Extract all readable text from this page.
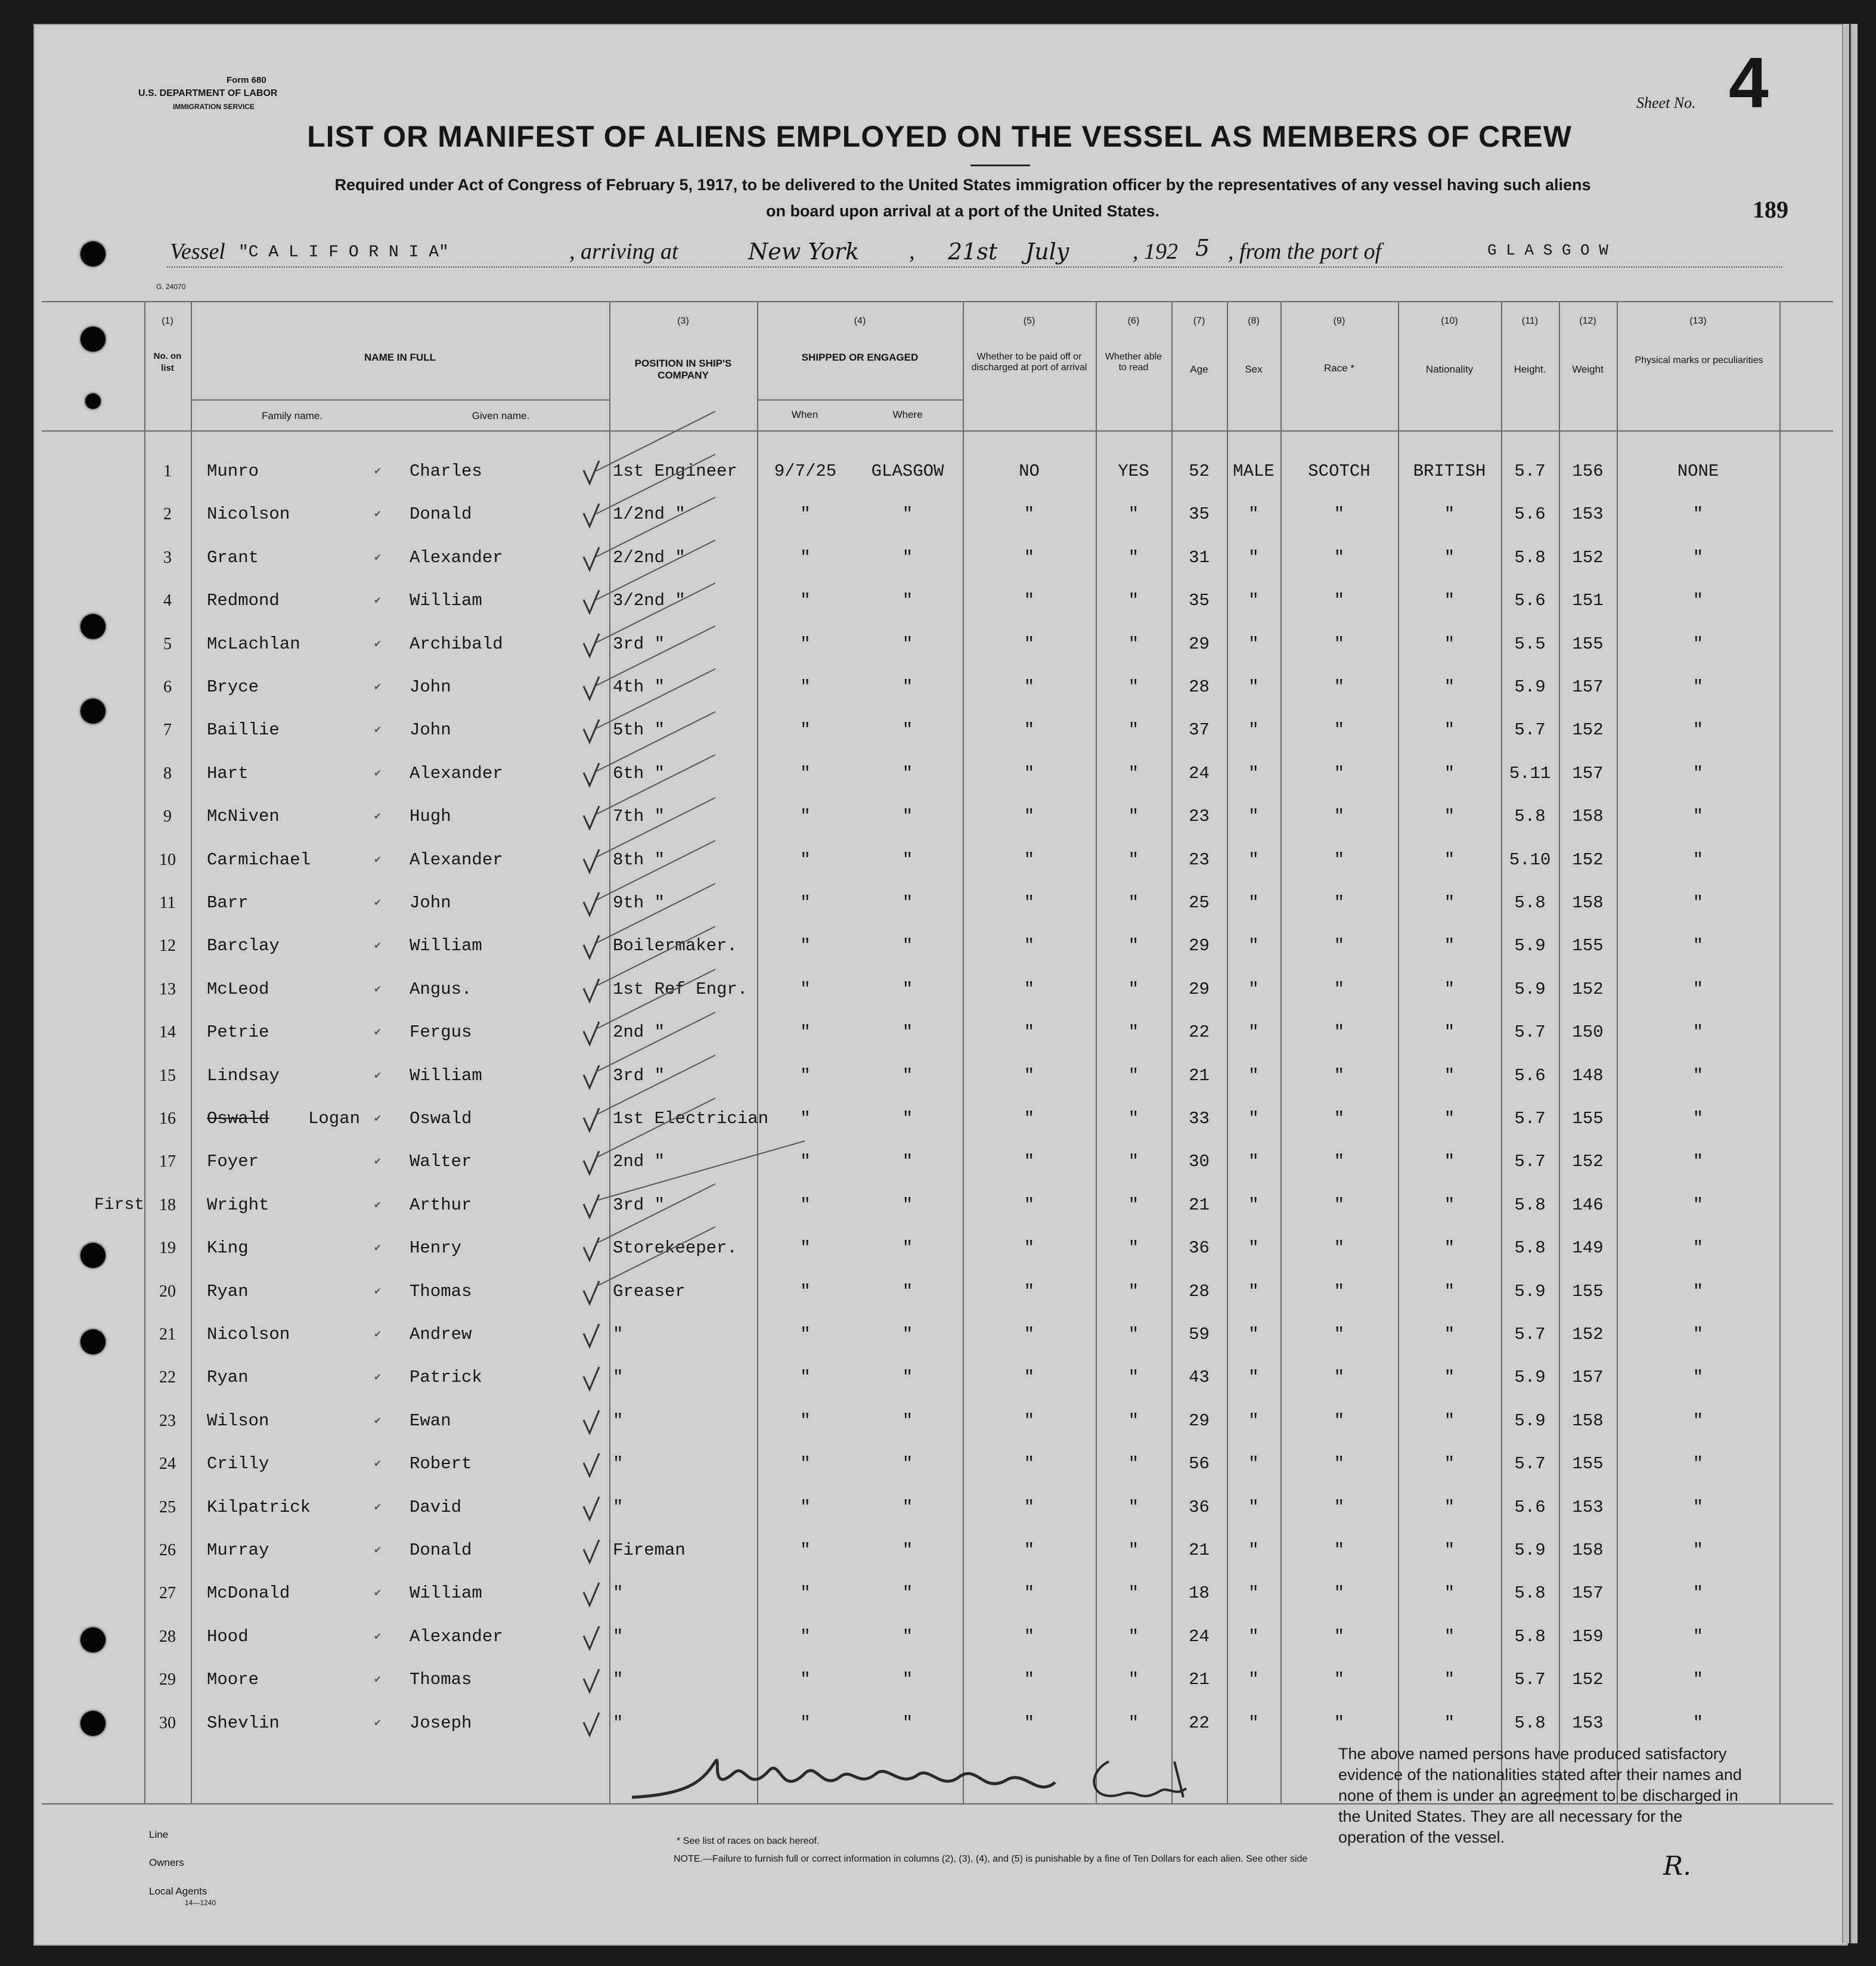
Form 680
U.S. DEPARTMENT OF LABOR
IMMIGRATION SERVICE	Sheet No. 4
LIST OR MANIFEST OF ALIENS EMPLOYED ON THE VESSEL AS MEMBERS OF CREW
Required under Act of Congress of February 5, 1917, to be delivered to the United States immigration officer by the representatives of any vessel having such aliens
on board upon arrival at a port of the United States.	189
Vessel "C A L I F O R N I A"	, arriving at	New York , 21st July	, 192 5 , from the port of	G L A S G O W
G. 24070
(1)
No. on list
NAME IN FULL
Family name.	Given name.
(3)
POSITION IN SHIP'S COMPANY
(4)
SHIPPED OR ENGAGED
When	Where
(5)
Whether to be paid off or discharged at port of arrival
(6)
Whether able to read
(7)
Age
(8)
Sex
(9)
Race *
(10)
Nationality
(11)
Height.
(12)
Weight
(13)
Physical marks or peculiarities
1	Munro	Charles	1st Engineer	9/7/25	GLASGOW	NO	YES	52	MALE	SCOTCH	BRITISH	5.7	156	NONE
✔
2	Nicolson	Donald	1/2nd "	"	"	"	"	35	"	"	"	5.6	153	"
✔
3	Grant	Alexander	2/2nd "	"	"	"	"	31	"	"	"	5.8	152	"
✔
4	Redmond	William	3/2nd "	"	"	"	"	35	"	"	"	5.6	151	"
✔
5	McLachlan	Archibald	3rd "	"	"	"	"	29	"	"	"	5.5	155	"
✔
6	Bryce	John	4th "	"	"	"	"	28	"	"	"	5.9	157	"
✔
7	Baillie	John	5th "	"	"	"	"	37	"	"	"	5.7	152	"
✔
8	Hart	Alexander	6th "	"	"	"	"	24	"	"	"	5.11	157	"
✔
9	McNiven	Hugh	7th "	"	"	"	"	23	"	"	"	5.8	158	"
✔
10	Carmichael	Alexander	8th "	"	"	"	"	23	"	"	"	5.10	152	"
✔
11	Barr	John	9th "	"	"	"	"	25	"	"	"	5.8	158	"
✔
12	Barclay	William	Boilermaker.	"	"	"	"	29	"	"	"	5.9	155	"
✔
13	McLeod	Angus.	1st Ref Engr.	"	"	"	"	29	"	"	"	5.9	152	"
✔
14	Petrie	Fergus	2nd "	"	"	"	"	22	"	"	"	5.7	150	"
✔
15	Lindsay	William	3rd "	"	"	"	"	21	"	"	"	5.6	148	"
✔
16	Oswald	Logan	Oswald	1st Electrician	"	"	"	"	33	"	"	"	5.7	155	"
✔
17	Foyer	Walter	2nd "	"	"	"	"	30	"	"	"	5.7	152	"
✔
18	Wright	Arthur	3rd "	"	"	"	"	21	"	"	"	5.8	146	"
First	✔
19	King	Henry	Storekeeper.	"	"	"	"	36	"	"	"	5.8	149	"
✔
20	Ryan	Thomas	Greaser	"	"	"	"	28	"	"	"	5.9	155	"
✔
21	Nicolson	Andrew	"	"	"	"	"	59	"	"	"	5.7	152	"
✔
22	Ryan	Patrick	"	"	"	"	"	43	"	"	"	5.9	157	"
✔
23	Wilson	Ewan	"	"	"	"	"	29	"	"	"	5.9	158	"
✔
24	Crilly	Robert	"	"	"	"	"	56	"	"	"	5.7	155	"
✔
25	Kilpatrick	David	"	"	"	"	"	36	"	"	"	5.6	153	"
✔
26	Murray	Donald	Fireman	"	"	"	"	21	"	"	"	5.9	158	"
✔
27	McDonald	William	"	"	"	"	"	18	"	"	"	5.8	157	"
✔
28	Hood	Alexander	"	"	"	"	"	24	"	"	"	5.8	159	"
✔
29	Moore	Thomas	"	"	"	"	"	21	"	"	"	5.7	152	"
✔
30	Shevlin	Joseph	"	"	"	"	"	22	"	"	"	5.8	153	"
✔
The above named persons have produced satisfactory evidence of the nationalities stated after their names and none of them is under an agreement to be discharged in the United States. They are all necessary for the operation of the vessel.
R.
Line
Owners
Local Agents
14—1240
* See list of races on back hereof.
NOTE.—Failure to furnish full or correct information in columns (2), (3), (4), and (5) is punishable by a fine of Ten Dollars for each alien. See other side
